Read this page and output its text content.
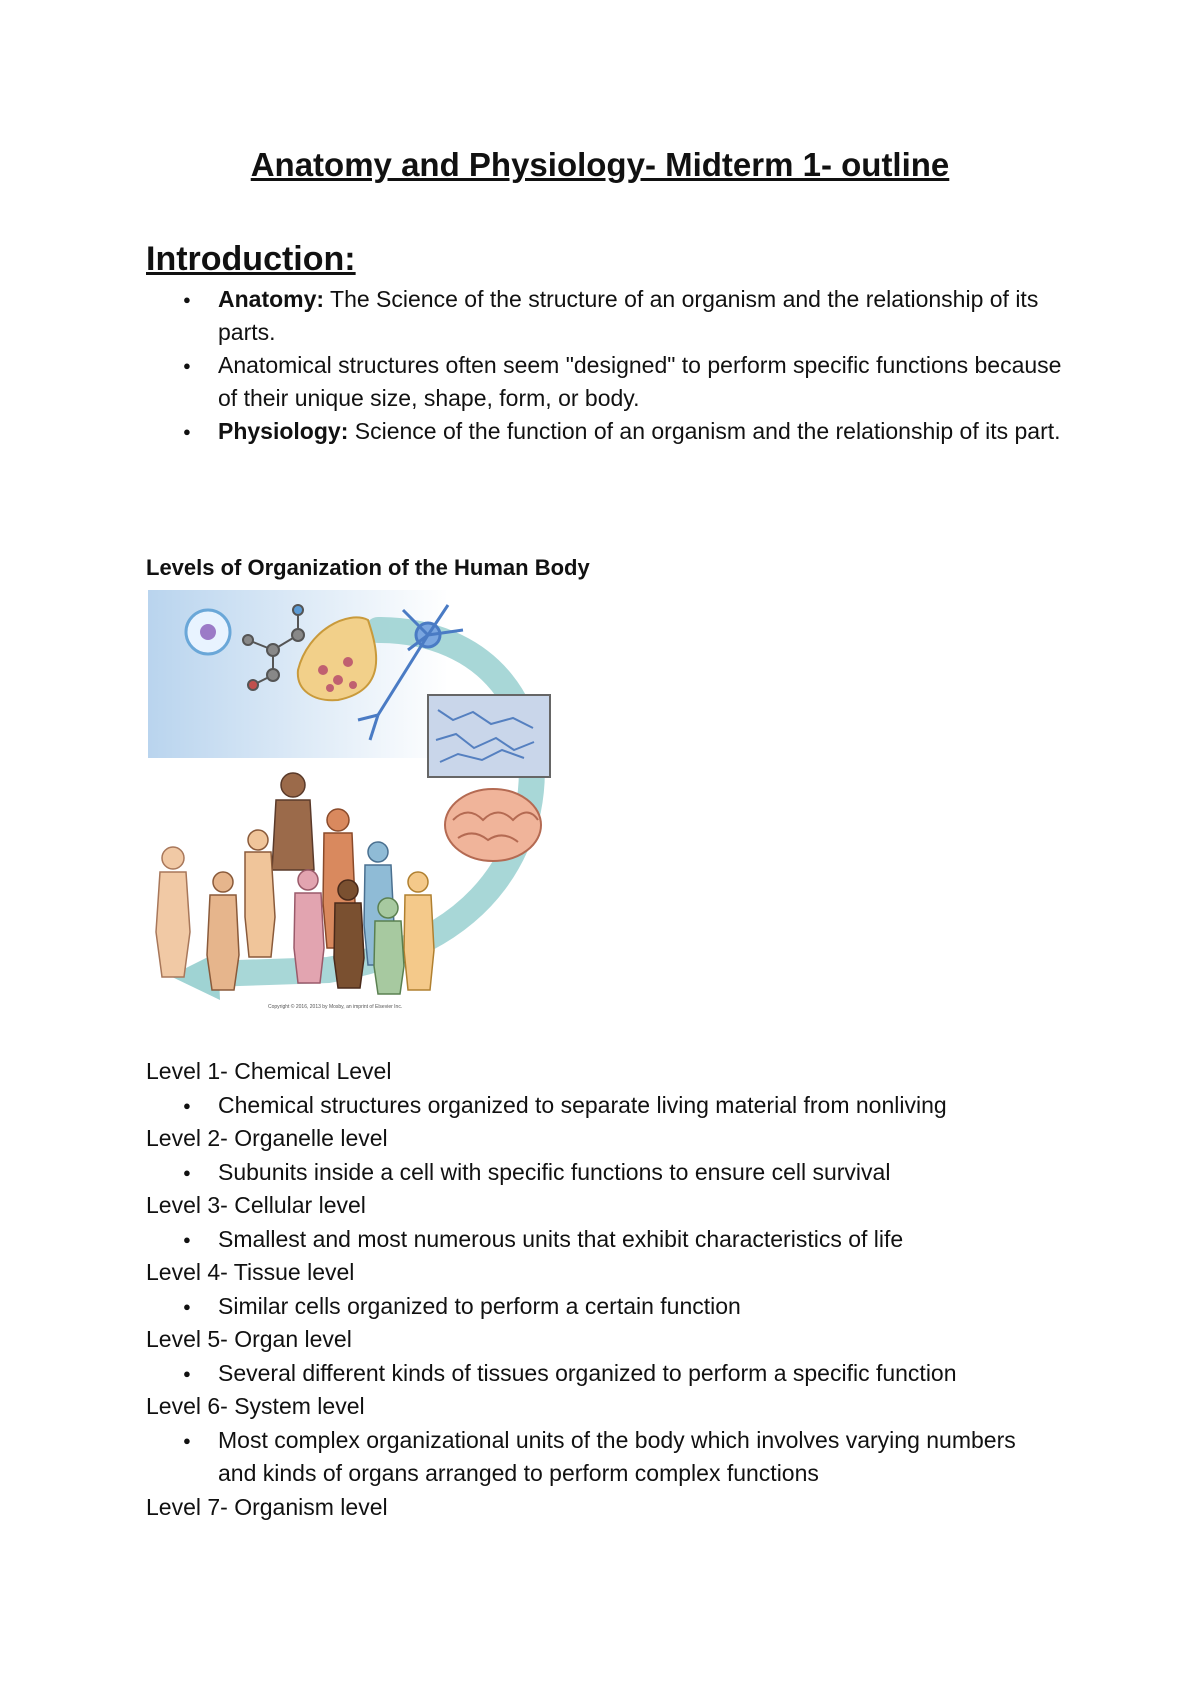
Anatomy and Physiology- Midterm 1- outline
Introduction:
● Anatomy: The Science of the structure of an organism and the relationship of its parts.
● Anatomical structures often seem "designed" to perform specific functions because of their unique size, shape, form, or body.
● Physiology: Science of the function of an organism and the relationship of its part.
Levels of Organization of the Human Body
Copyright © 2016, 2013 by Mosby, an imprint of Elsevier Inc.

Level 1- Chemical Level

● Chemical structures organized to separate living material from nonliving

Level 2- Organelle level

● Subunits inside a cell with specific functions to ensure cell survival

Level 3- Cellular level

● Smallest and most numerous units that exhibit characteristics of life

Level 4- Tissue level

● Similar cells organized to perform a certain function

Level 5- Organ level

● Several different kinds of tissues organized to perform a specific function

Level 6- System level

● Most complex organizational units of the body which involves varying numbers and kinds of organs arranged to perform complex functions

Level 7- Organism level
